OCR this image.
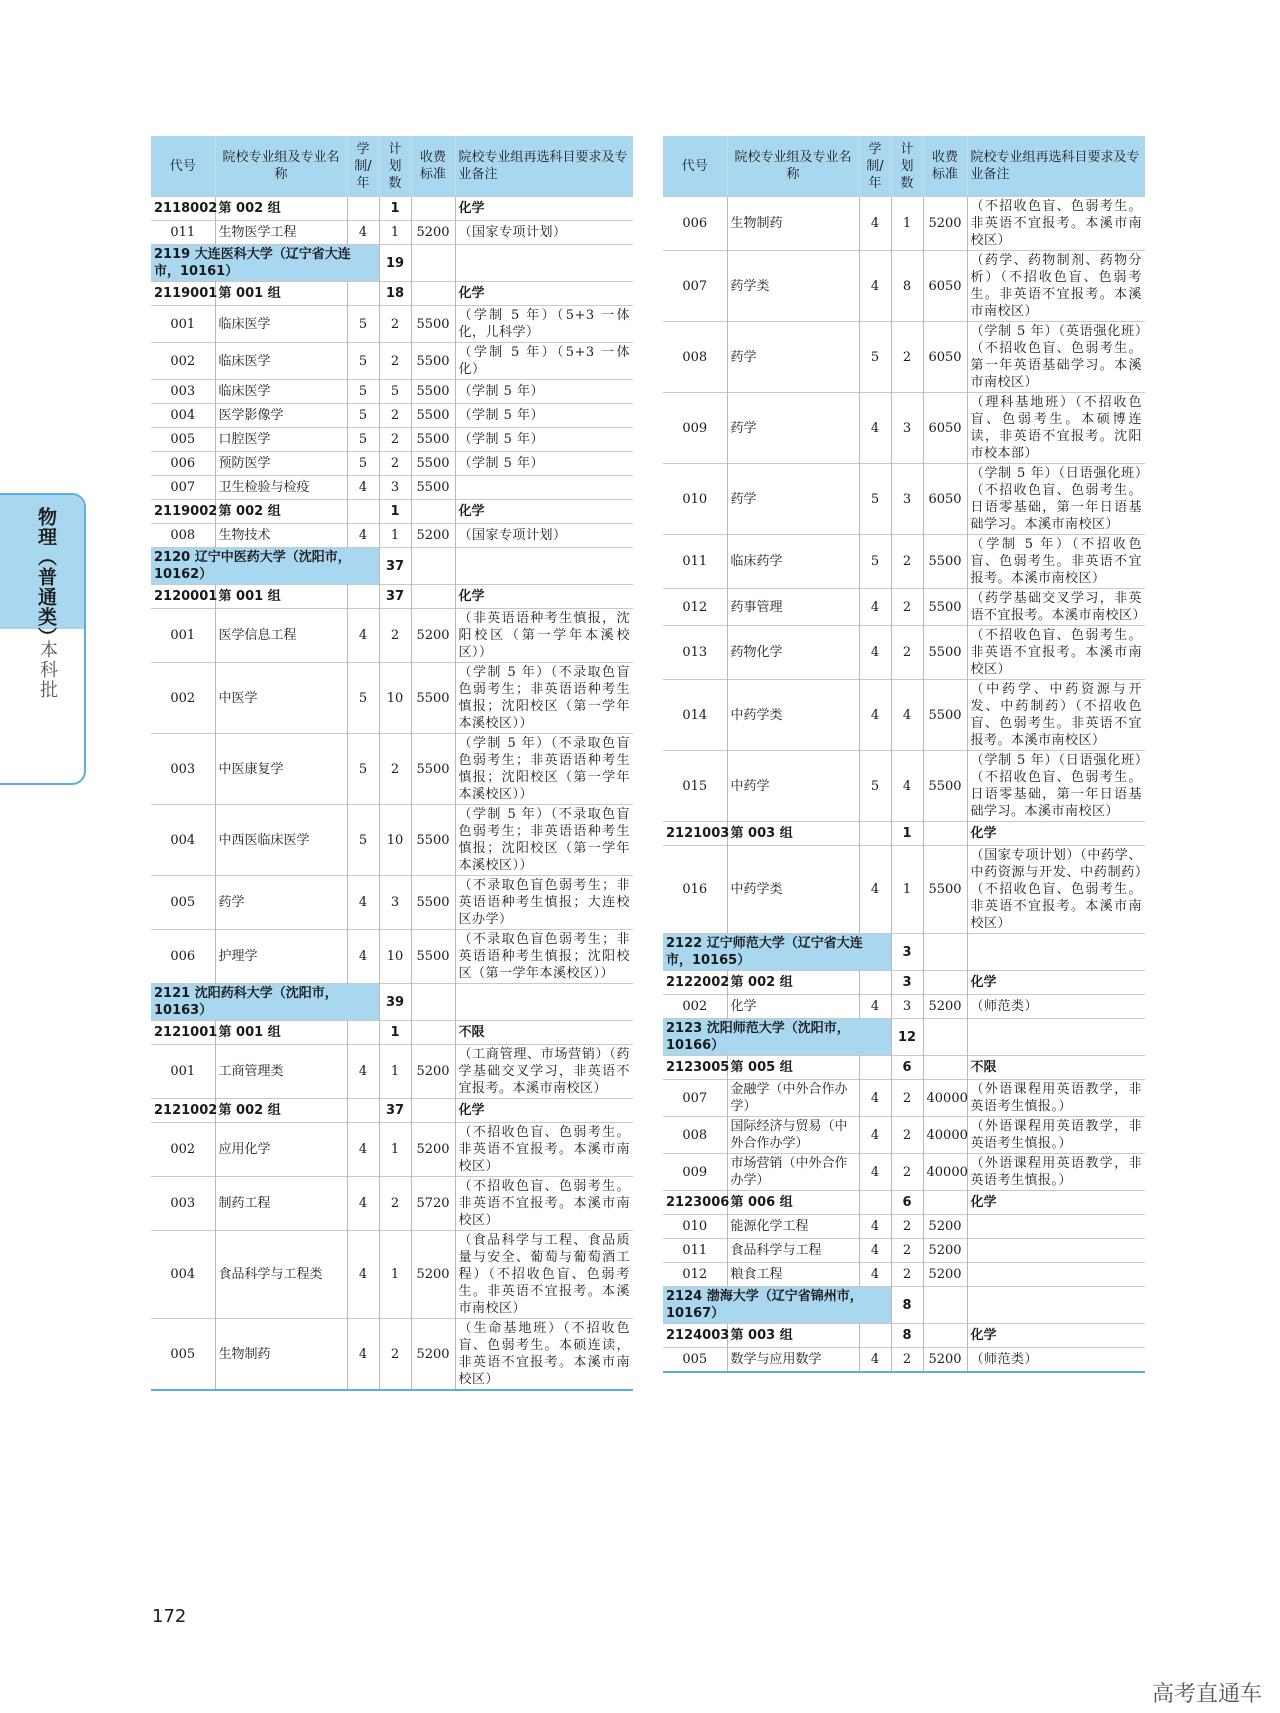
物理（普通类）
本科批
代号	院校专业组及专业名称	学制/年	计划数	收费标准	院校专业组再选科目要求及专业备注
2118002	第 002 组		1		化学
011	生物医学工程	4	1	5200	（国家专项计划）
2119 大连医科大学（辽宁省大连市，10161）			19		
2119001	第 001 组		18		化学
001	临床医学	5	2	5500	（学制 5 年）（5+3 一体化，儿科学）
002	临床医学	5	2	5500	（学制 5 年）（5+3 一体化）
003	临床医学	5	5	5500	（学制 5 年）
004	医学影像学	5	2	5500	（学制 5 年）
005	口腔医学	5	2	5500	（学制 5 年）
006	预防医学	5	2	5500	（学制 5 年）
007	卫生检验与检疫	4	3	5500	
2119002	第 002 组		1		化学
008	生物技术	4	1	5200	（国家专项计划）
2120 辽宁中医药大学（沈阳市，10162）			37		
2120001	第 001 组		37		化学
001	医学信息工程	4	2	5200	（非英语语种考生慎报，沈阳校区（第一学年本溪校区））
002	中医学	5	10	5500	（学制 5 年）（不录取色盲色弱考生；非英语语种考生慎报；沈阳校区（第一学年本溪校区））
003	中医康复学	5	2	5500	（学制 5 年）（不录取色盲色弱考生；非英语语种考生慎报；沈阳校区（第一学年本溪校区））
004	中西医临床医学	5	10	5500	（学制 5 年）（不录取色盲色弱考生；非英语语种考生慎报；沈阳校区（第一学年本溪校区））
005	药学	4	3	5500	（不录取色盲色弱考生；非英语语种考生慎报；大连校区办学）
006	护理学	4	10	5500	（不录取色盲色弱考生；非英语语种考生慎报；沈阳校区（第一学年本溪校区））
2121 沈阳药科大学（沈阳市，10163）			39		
2121001	第 001 组		1		不限
001	工商管理类	4	1	5200	（工商管理、市场营销）（药学基础交叉学习，非英语不宜报考。本溪市南校区）
2121002	第 002 组		37		化学
002	应用化学	4	1	5200	（不招收色盲、色弱考生。非英语不宜报考。本溪市南校区）
003	制药工程	4	2	5720	（不招收色盲、色弱考生。非英语不宜报考。本溪市南校区）
004	食品科学与工程类	4	1	5200	（食品科学与工程、食品质量与安全、葡萄与葡萄酒工程）（不招收色盲、色弱考生。非英语不宜报考。本溪市南校区）
005	生物制药	4	2	5200	（生命基地班）（不招收色盲、色弱考生。本硕连读，非英语不宜报考。本溪市南校区）
代号	院校专业组及专业名称	学制/年	计划数	收费标准	院校专业组再选科目要求及专业备注
006	生物制药	4	1	5200	（不招收色盲、色弱考生。非英语不宜报考。本溪市南校区）
007	药学类	4	8	6050	（药学、药物制剂、药物分析）（不招收色盲、色弱考生。非英语不宜报考。本溪市南校区）
008	药学	5	2	6050	（学制 5 年）（英语强化班）（不招收色盲、色弱考生。第一年英语基础学习。本溪市南校区）
009	药学	4	3	6050	（理科基地班）（不招收色盲、色弱考生。本硕博连读，非英语不宜报考。沈阳市校本部）
010	药学	5	3	6050	（学制 5 年）（日语强化班）（不招收色盲、色弱考生。日语零基础，第一年日语基础学习。本溪市南校区）
011	临床药学	5	2	5500	（学制 5 年）（不招收色盲、色弱考生。非英语不宜报考。本溪市南校区）
012	药事管理	4	2	5500	（药学基础交叉学习，非英语不宜报考。本溪市南校区）
013	药物化学	4	2	5500	（不招收色盲、色弱考生。非英语不宜报考。本溪市南校区）
014	中药学类	4	4	5500	（中药学、中药资源与开发、中药制药）（不招收色盲、色弱考生。非英语不宜报考。本溪市南校区）
015	中药学	5	4	5500	（学制 5 年）（日语强化班）（不招收色盲、色弱考生。日语零基础，第一年日语基础学习。本溪市南校区）
2121003	第 003 组		1		化学
016	中药学类	4	1	5500	（国家专项计划）（中药学、中药资源与开发、中药制药）（不招收色盲、色弱考生。非英语不宜报考。本溪市南校区）
2122 辽宁师范大学（辽宁省大连市，10165）			3		
2122002	第 002 组		3		化学
002	化学	4	3	5200	（师范类）
2123 沈阳师范大学（沈阳市，10166）			12		
2123005	第 005 组		6		不限
007	金融学（中外合作办学）	4	2	40000	（外语课程用英语教学，非英语考生慎报。）
008	国际经济与贸易（中外合作办学）	4	2	40000	（外语课程用英语教学，非英语考生慎报。）
009	市场营销（中外合作办学）	4	2	40000	（外语课程用英语教学，非英语考生慎报。）
2123006	第 006 组		6		化学
010	能源化学工程	4	2	5200	
011	食品科学与工程	4	2	5200	
012	粮食工程	4	2	5200	
2124 渤海大学（辽宁省锦州市，10167）			8		
2124003	第 003 组		8		化学
005	数学与应用数学	4	2	5200	（师范类）
172
高考直通车
